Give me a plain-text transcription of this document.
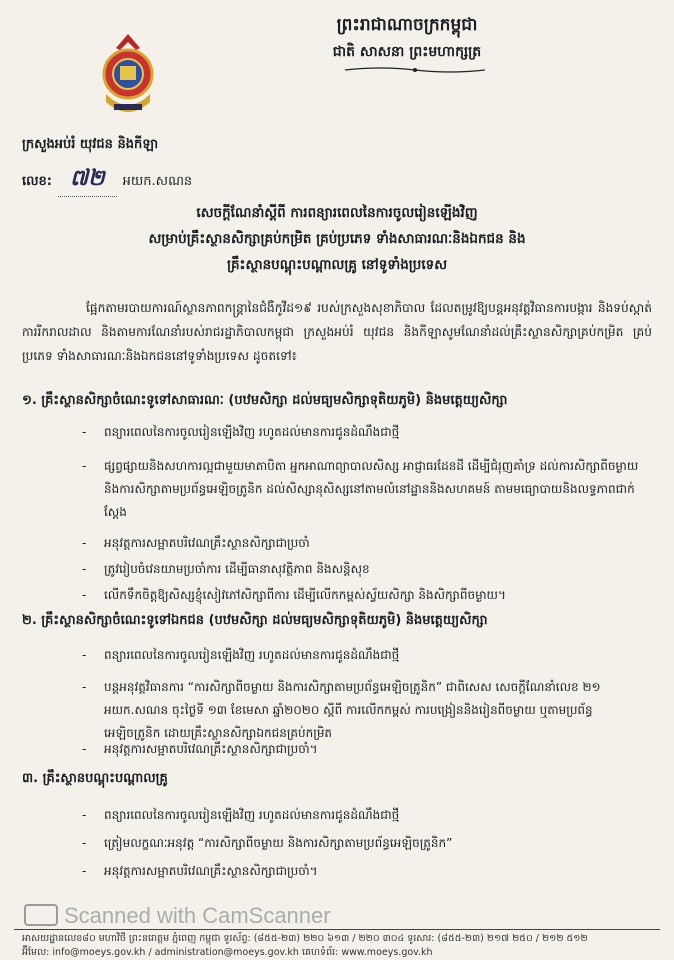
ព្រះរាជាណាចក្រកម្ពុជា
ជាតិ សាសនា ព្រះមហាក្សត្រ
ក្រសួងអប់រំ យុវជន និងកីឡា
លេខ: ៧២	អយក.សណន
សេចក្តីណែនាំស្តីពី ការពន្យារពេលនៃការចូលរៀនឡើងវិញ
សម្រាប់គ្រឹះស្ថានសិក្សាគ្រប់កម្រិត គ្រប់ប្រភេទ ទាំងសាធារណៈនិងឯកជន និង
គ្រឹះស្ថានបណ្តុះបណ្តាលគ្រូ នៅទូទាំងប្រទេស
ផ្អែកតាមរបាយការណ៍ស្ថានភាពកន្ត្រានៃជំងឺកូវីដ១៩ របស់ក្រសួងសុខាភិបាល ដែលតម្រូវឱ្យបន្តអនុវត្តវិធានការបង្ការ និងទប់ស្កាត់ការរីករាលដាល និងតាមការណែនាំរបស់រាជរដ្ឋាភិបាលកម្ពុជា ក្រសួងអប់រំ យុវជន និងកីឡាសូមណែនាំដល់គ្រឹះស្ថានសិក្សាគ្រប់កម្រិត គ្រប់ប្រភេទ ទាំងសាធារណៈនិងឯកជននៅទូទាំងប្រទេស ដូចតទៅ៖
១. គ្រឹះស្ថានសិក្សាចំណេះទូទៅសាធារណៈ (បឋមសិក្សា ដល់មធ្យមសិក្សាទុតិយភូមិ) និងមត្តេយ្យសិក្សា
- ពន្យារពេលនៃការចូលរៀនឡើងវិញ រហូតដល់មានការជូនដំណឹងជាថ្មី
- ផ្សព្វផ្សាយនិងសហការល្អជាមួយមាតាបិតា អ្នកអាណាព្យាបាលសិស្ស អាជ្ញាធរដែនដី ដើម្បីជំរុញគាំទ្រ ដល់ការសិក្សាពីចម្ងាយ និងការសិក្សាតាមប្រព័ន្ធអេឡិចត្រូនិក ដល់សិស្សានុសិស្សនៅតាមលំនៅដ្ឋាននិងសហគមន៍ តាមមធ្យោបាយនិងលទ្ធភាពជាក់ស្តែង
- អនុវត្តការសម្អាតបរិវេណគ្រឹះស្ថានសិក្សាជាប្រចាំ
- ត្រូវរៀបចំវេនយាមប្រចាំការ ដើម្បីធានាសុវត្ថិភាព និងសន្តិសុខ
- លើកទឹកចិត្តឱ្យសិស្សខ្ញុំសៀវភៅសិក្សាពីការ ដើម្បីលើកកម្ពស់ស្វ័យសិក្សា និងសិក្សាពីចម្ងាយ។
២. គ្រឹះស្ថានសិក្សាចំណេះទូទៅឯកជន (បឋមសិក្សា ដល់មធ្យមសិក្សាទុតិយភូមិ) និងមត្តេយ្យសិក្សា
- ពន្យារពេលនៃការចូលរៀនឡើងវិញ រហូតដល់មានការជូនដំណឹងជាថ្មី
- បន្តអនុវត្តវិធានការ “ការសិក្សាពីចម្ងាយ និងការសិក្សាតាមប្រព័ន្ធអេឡិចត្រូនិក” ជាពិសេស សេចក្តីណែនាំលេខ ២១ អយក.សណន ចុះថ្ងៃទី ១៣ ខែមេសា ឆ្នាំ២០២០ ស្តីពី ការលើកកម្ពស់ ការបង្រៀននិងរៀនពីចម្ងាយ ឬតាមប្រព័ន្ធអេឡិចត្រូនិក ដោយគ្រឹះស្ថានសិក្សាឯកជនគ្រប់កម្រិត
- អនុវត្តការសម្អាតបរិវេណគ្រឹះស្ថានសិក្សាជាប្រចាំ។
៣. គ្រឹះស្ថានបណ្តុះបណ្តាលគ្រូ
- ពន្យារពេលនៃការចូលរៀនឡើងវិញ រហូតដល់មានការជូនដំណឹងជាថ្មី
- ត្រៀមលក្ខណៈអនុវត្ត “ការសិក្សាពីចម្ងាយ និងការសិក្សាតាមប្រព័ន្ធអេឡិចត្រូនិក”
- អនុវត្តការសម្អាតបរិវេណគ្រឹះស្ថានសិក្សាជាប្រចាំ។
Scanned with CamScanner
អាសយដ្ឋានលេខ៨០ មហាវិថី ព្រះនរោត្តម ភ្នំពេញ កម្ពុជា ទូរស័ព្ទ: (៨៥៥-២៣) ២២០ ៦១៣ / ២២០ ៣០៤ ទូរសារ: (៨៥៥-២៣) ២១៧ ២៥០ / ២១២ ៥១២
អ៊ីមែល: info@moeys.gov.kh / administration@moeys.gov.kh គេហទំព័រ: www.moeys.gov.kh
